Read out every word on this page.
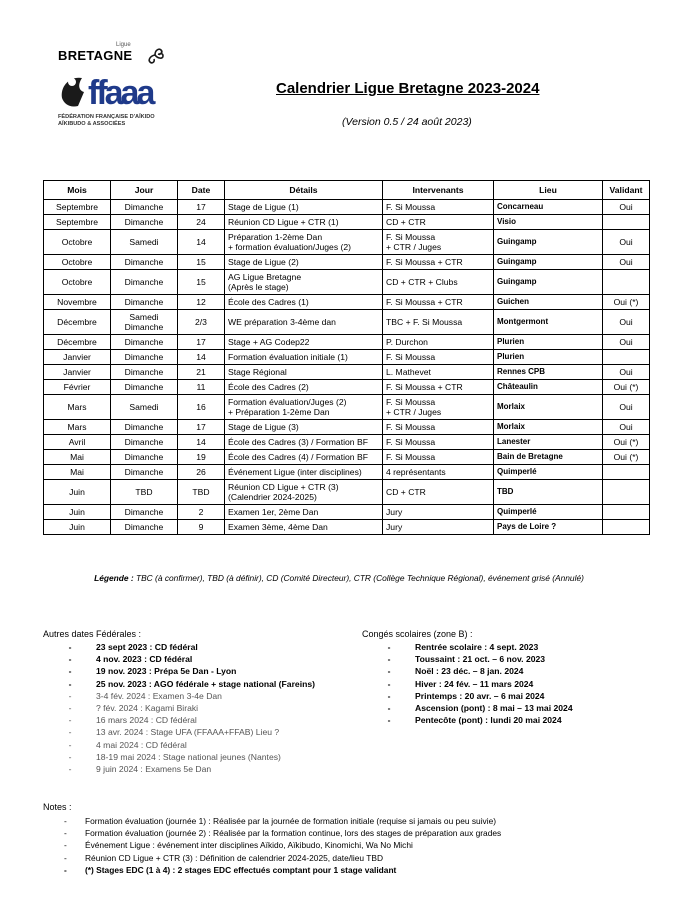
Ligue
BRETAGNE
ffaaa
FÉDÉRATION FRANÇAISE D'AÏKIDO
AÏKIBUDO & ASSOCIÉES
Calendrier Ligue Bretagne 2023-2024
(Version 0.5 / 24 août 2023)
Mois	Jour	Date	Détails	Intervenants	Lieu	Validant
Septembre	Dimanche	17	Stage de Ligue (1)	F. Si Moussa	Concarneau	Oui
Septembre	Dimanche	24	Réunion CD Ligue + CTR (1)	CD + CTR	Visio	
Octobre	Samedi	14	Préparation 1-2ème Dan
+ formation évaluation/Juges (2)	F. Si Moussa
+ CTR / Juges	Guingamp	Oui
Octobre	Dimanche	15	Stage de Ligue (2)	F. Si Moussa + CTR	Guingamp	Oui
Octobre	Dimanche	15	AG Ligue Bretagne
(Après le stage)	CD + CTR + Clubs	Guingamp	
Novembre	Dimanche	12	École des Cadres (1)	F. Si Moussa + CTR	Guichen	Oui (*)
Décembre	Samedi
Dimanche	2/3	WE préparation 3-4ème dan	TBC + F. Si Moussa	Montgermont	Oui
Décembre	Dimanche	17	Stage + AG Codep22	P. Durchon	Plurien	Oui
Janvier	Dimanche	14	Formation évaluation initiale (1)	F. Si Moussa	Plurien	
Janvier	Dimanche	21	Stage Régional	L. Mathevet	Rennes CPB	Oui
Février	Dimanche	11	École des Cadres (2)	F. Si Moussa + CTR	Châteaulin	Oui (*)
Mars	Samedi	16	Formation évaluation/Juges (2)
+ Préparation 1-2ème Dan	F. Si Moussa
+ CTR / Juges	Morlaix	Oui
Mars	Dimanche	17	Stage de Ligue (3)	F. Si Moussa	Morlaix	Oui
Avril	Dimanche	14	École des Cadres (3) / Formation BF	F. Si Moussa	Lanester	Oui (*)
Mai	Dimanche	19	École des Cadres (4) / Formation BF	F. Si Moussa	Bain de Bretagne	Oui (*)
Mai	Dimanche	26	Événement Ligue (inter disciplines)	4 représentants	Quimperlé	
Juin	TBD	TBD	Réunion CD Ligue + CTR (3)
(Calendrier 2024-2025)	CD + CTR	TBD	
Juin	Dimanche	2	Examen 1er, 2ème Dan	Jury	Quimperlé	
Juin	Dimanche	9	Examen 3ème, 4ème Dan	Jury	Pays de Loire ?	
Légende : TBC (à confirmer), TBD (à définir), CD (Comité Directeur), CTR (Collège Technique Régional), événement grisé (Annulé)
Autres dates Fédérales :
-	23 sept 2023 : CD fédéral
-	4 nov. 2023 : CD fédéral
-	19 nov. 2023 : Prépa 5e Dan - Lyon
-	25 nov. 2023 : AGO fédérale + stage national (Fareins)
-	3-4 fév. 2024 : Examen 3-4e Dan
-	? fév. 2024 : Kagami Biraki
-	16 mars 2024 : CD fédéral
-	13 avr. 2024 : Stage UFA (FFAAA+FFAB) Lieu ?
-	4 mai 2024 : CD fédéral
-	18-19 mai 2024 : Stage national jeunes (Nantes)
-	9 juin 2024 : Examens 5e Dan
Congés scolaires (zone B) :
-	Rentrée scolaire : 4 sept. 2023
-	Toussaint : 21 oct. – 6 nov. 2023
-	Noël : 23 déc. – 8 jan. 2024
-	Hiver : 24 fév. – 11 mars 2024
-	Printemps : 20 avr. – 6 mai 2024
-	Ascension (pont) : 8 mai – 13 mai 2024
-	Pentecôte (pont) : lundi 20 mai 2024
Notes :
- Formation évaluation (journée 1) : Réalisée par la journée de formation initiale (requise si jamais ou peu suivie)
- Formation évaluation (journée 2) : Réalisée par la formation continue, lors des stages de préparation aux grades
- Événement Ligue : événement inter disciplines Aïkido, Aïkibudo, Kinomichi, Wa No Michi
- Réunion CD Ligue + CTR (3) : Définition de calendrier 2024-2025, date/lieu TBD
- (*) Stages EDC (1 à 4) : 2 stages EDC effectués comptant pour 1 stage validant
